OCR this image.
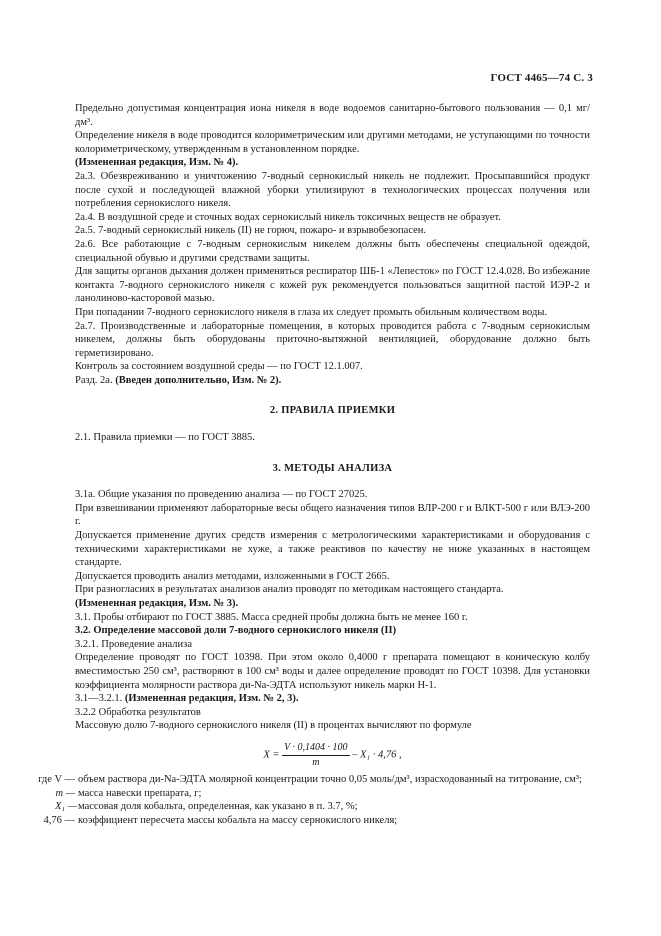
ГОСТ 4465—74 С. 3

Предельно допустимая концентрация иона никеля в воде водоемов санитарно-бытового пользования — 0,1 мг/дм³.

Определение никеля в воде проводится колориметрическим или другими методами, не уступающими по точности колориметрическому, утвержденным в установленном порядке.

(Измененная редакция, Изм. № 4).

2а.3. Обезвреживанию и уничтожению 7-водный сернокислый никель не подлежит. Просыпавшийся продукт после сухой и последующей влажной уборки утилизируют в технологических процессах получения или потребления сернокислого никеля.

2а.4. В воздушной среде и сточных водах сернокислый никель токсичных веществ не образует.

2а.5. 7-водный сернокислый никель (II) не горюч, пожаро- и взрывобезопасен.

2а.6. Все работающие с 7-водным сернокислым никелем должны быть обеспечены специальной одеждой, специальной обувью и другими средствами защиты.

Для защиты органов дыхания должен применяться респиратор ШБ-1 «Лепесток» по ГОСТ 12.4.028. Во избежание контакта 7-водного сернокислого никеля с кожей рук рекомендуется пользоваться защитной пастой ИЭР-2 и ланолиново-касторовой мазью.

При попадании 7-водного сернокислого никеля в глаза их следует промыть обильным количеством воды.

2а.7. Производственные и лабораторные помещения, в которых проводится работа с 7-водным сернокислым никелем, должны быть оборудованы приточно-вытяжной вентиляцией, оборудование должно быть герметизировано.

Контроль за состоянием воздушной среды — по ГОСТ 12.1.007.

Разд. 2а. (Введен дополнительно, Изм. № 2).

2. ПРАВИЛА ПРИЕМКИ

2.1. Правила приемки — по ГОСТ 3885.

3. МЕТОДЫ АНАЛИЗА

3.1а. Общие указания по проведению анализа — по ГОСТ 27025.

При взвешивании применяют лабораторные весы общего назначения типов ВЛР-200 г и ВЛКТ-500 г или ВЛЭ-200 г.

Допускается применение других средств измерения с метрологическими характеристиками и оборудования с техническими характеристиками не хуже, а также реактивов по качеству не ниже указанных в настоящем стандарте.

Допускается проводить анализ методами, изложенными в ГОСТ 2665.

При разногласиях в результатах анализов анализ проводят по методикам настоящего стандарта.

(Измененная редакция, Изм. № 3).

3.1. Пробы отбирают по ГОСТ 3885. Масса средней пробы должна быть не менее 160 г.

3.2. Определение массовой доли 7-водного сернокислого никеля (II)

3.2.1. Проведение анализа

Определение проводят по ГОСТ 10398. При этом около 0,4000 г препарата помещают в коническую колбу вместимостью 250 см³, растворяют в 100 см³ воды и далее определение проводят по ГОСТ 10398. Для установки коэффициента молярности раствора ди-Na-ЭДТА используют никель марки Н-1.

3.1—3.2.1. (Измененная редакция, Изм. № 2, 3).

3.2.2 Обработка результатов

Массовую долю 7-водного сернокислого никеля (II) в процентах вычисляют по формуле

$X = \frac{V \cdot 0,1404 \cdot 100}{m} - X_1 \cdot 4,76$ ,
где V — объем раствора ди-Na-ЭДТА молярной концентрации точно 0,05 моль/дм³, израсходованный на титрование, см³;
m — масса навески препарата, г;
X₁ — массовая доля кобальта, определенная, как указано в п. 3.7, %;
4,76 — коэффициент пересчета массы кобальта на массу сернокислого никеля;
